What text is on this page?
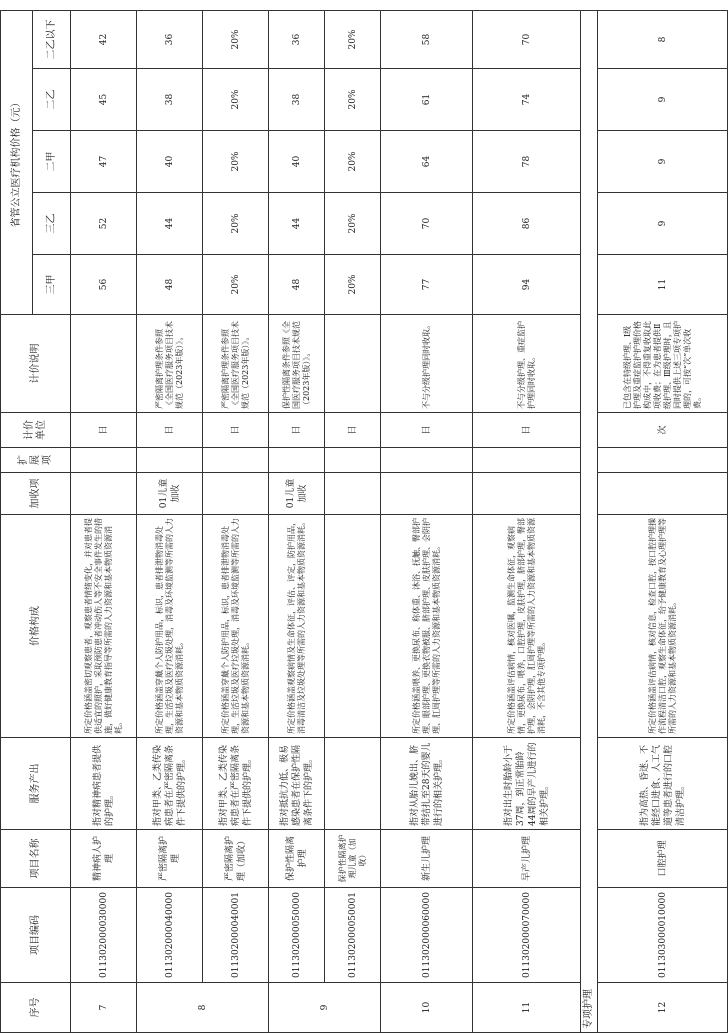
序号	项目编码	项目名称	服务产出	价格构成	加收项	扩展项	计价单位	计价说明	省管公立医疗机构价格（元）				
									三甲	三乙	二甲	二乙	二乙以下
7	011302000030000	精神病人护理	指对精神病患者提供的护理。	所定价格涵盖密切观察患者，观察患者情绪变化，并对患者提供适宜的照护，采取预防患者冲动伤人等不安全事件发生的措施，做好健康教育指导等所需的人力资源和基本物质资源消耗。			日		56	52	47	45	42
8	011302000040000	严密隔离护理	指对甲类、乙类传染病患者在严密隔离条件下提供的护理。	所定价格涵盖穿戴个人防护用品，标识，患者排泄物消毒处理，生活垃圾及医疗垃圾处理，消毒及环境监测等所需的人力资源和基本物质资源消耗。	01儿童加收		日	严密隔离护理条件参照《全国医疗服务项目技术规范（2023年版）》。	48	44	40	38	36
	011302000040001	严密隔离护理（加收）	指对甲类、乙类传染病患者在严密隔离条件下提供的护理。	所定价格涵盖穿戴个人防护用品，标识，患者排泄物消毒处理，生活垃圾及医疗垃圾处理，消毒及环境监测等所需的人力资源和基本物质资源消耗。			日	严密隔离护理条件参照《全国医疗服务项目技术规范（2023年版）》。	20%	20%	20%	20%	20%
9	011302000050000	保护性隔离护理	指对抵抗力低、极易感染患者在保护性隔离条件下的护理。	所定价格涵盖观察病情及生命体征，评估、评定，防护用品，消毒清洁及垃圾处理等所需的人力资源和基本物质资源消耗。	01儿童加收		日	保护性隔离条件参照《全国医疗服务项目技术规范（2023年版）》。	48	44	40	38	36
	011302000050001	保护性隔离护理儿童（加收）					日		20%	20%	20%	20%	20%
10	011302000060000	新生儿护理	指对从胎儿娩出、脐带结扎至28天的婴儿进行的相关护理。	所定价格涵盖喂养、更换尿布、称体重、沐浴、抚触、臀部护理、眼部护理、更换衣物被服、脐部护理、皮肤护理、会阴护理、肛周护理等所需的人力资源和基本物质资源消耗。			日	不与分级护理同时收取。	77	70	64	61	58
11	011302000070000	早产儿护理	指对出生时胎龄小于37周，到正常胎龄44周的早产儿进行的相关护理。	所定价格涵盖评估病情，核对医嘱，监测生命体征，观察病情，更换尿布，喂养，口腔护理，皮肤护理，脐部护理，臀部护理，会阴护理，肛周护理等所需的人力资源和基本物质资源消耗，不含其他专项护理。			日	不与分级护理、重症监护护理同时收取。	94	86	78	74	70
专项护理													
12	011303000010000	口腔护理	指为高热、昏迷、不能经口进食、人工气道等患者进行的口腔清洁护理。	所定价格涵盖评估病情，核对信息，检查口腔，按口腔护理操作流程清洁口腔，观察生命体征，给予健康教育及心理护理等所需的人力资源和基本物质资源消耗。			次	已包含在特级护理、Ⅰ级护理及重症监护护理价格构成中，不得重复收取此项收费；在为患者提供Ⅱ级护理、Ⅲ级护理时，且同时提供上述三项专项护理的，可按“次”单次收费。	11	9	9	9	8
